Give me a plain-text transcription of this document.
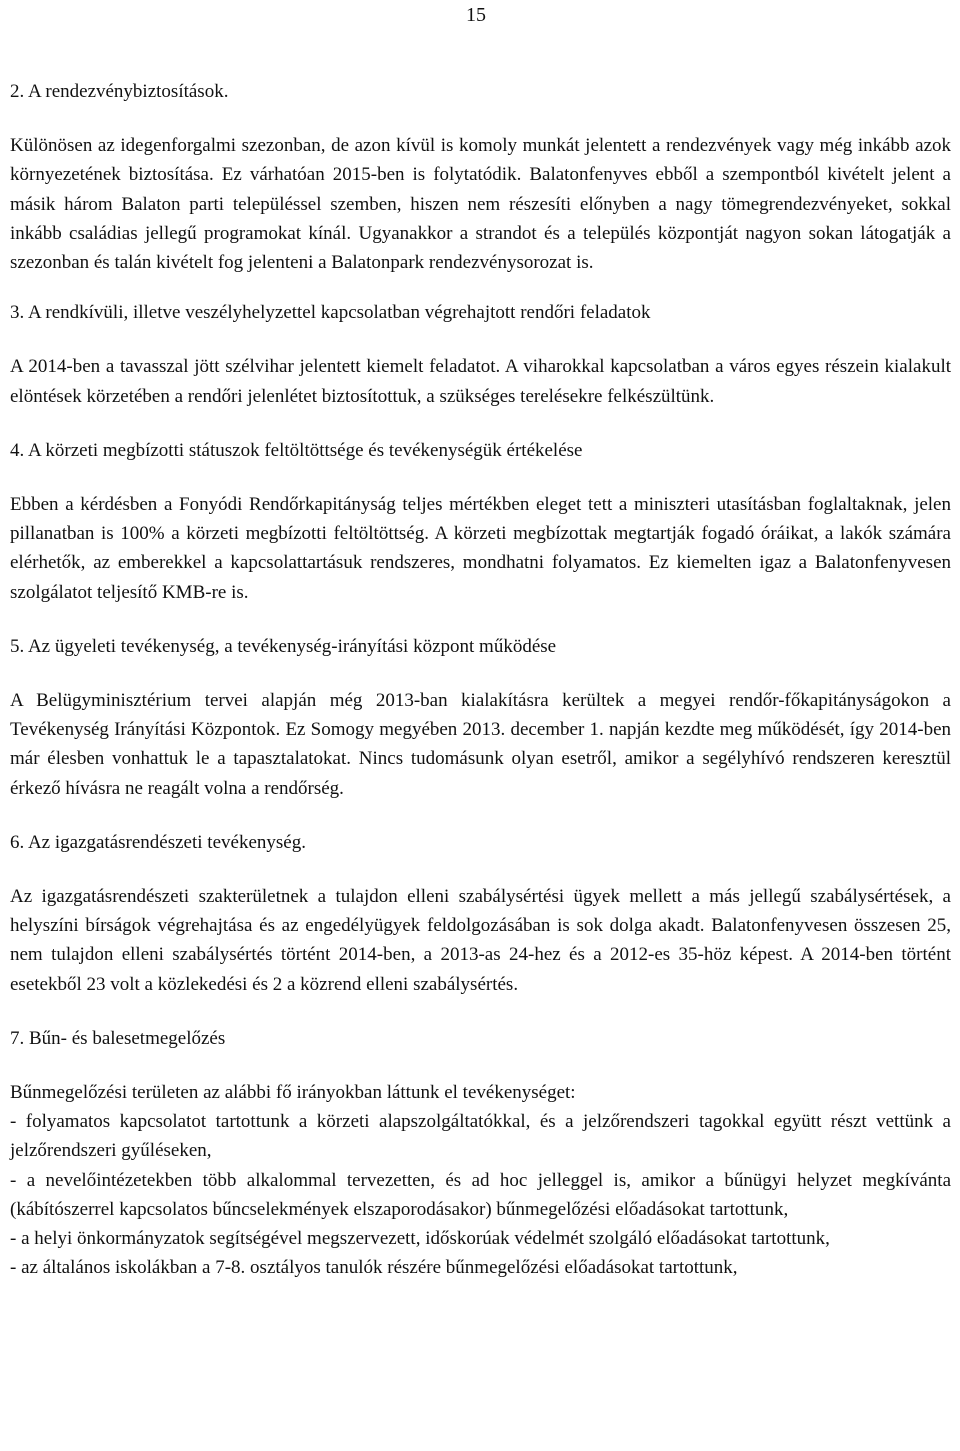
15
2. A rendezvénybiztosítások.
Különösen az idegenforgalmi szezonban, de azon kívül is komoly munkát jelentett a rendezvények vagy még inkább azok környezetének biztosítása. Ez várhatóan 2015-ben is folytatódik. Balatonfenyves ebből a szempontból kivételt jelent a másik három Balaton parti településsel szemben, hiszen nem részesíti előnyben a nagy tömegrendezvényeket, sokkal inkább családias jellegű programokat kínál. Ugyanakkor a strandot és a település központját nagyon sokan látogatják a szezonban és talán kivételt fog jelenteni a Balatonpark rendezvénysorozat is.
3. A rendkívüli, illetve veszélyhelyzettel kapcsolatban végrehajtott rendőri feladatok
A 2014-ben a tavasszal jött szélvihar jelentett kiemelt feladatot. A viharokkal kapcsolatban a város egyes részein kialakult elöntések körzetében a rendőri jelenlétet biztosítottuk, a szükséges terelésekre felkészültünk.
4. A körzeti megbízotti státuszok feltöltöttsége és tevékenységük értékelése
Ebben a kérdésben a Fonyódi Rendőrkapitányság teljes mértékben eleget tett a miniszteri utasításban foglaltaknak, jelen pillanatban is 100% a körzeti megbízotti feltöltöttség. A körzeti megbízottak megtartják fogadó óráikat, a lakók számára elérhetők, az emberekkel a kapcsolattartásuk rendszeres, mondhatni folyamatos. Ez kiemelten igaz a Balatonfenyvesen szolgálatot teljesítő KMB-re is.
5. Az ügyeleti tevékenység, a tevékenység-irányítási központ működése
A Belügyminisztérium tervei alapján még 2013-ban kialakításra kerültek a megyei rendőr-főkapitányságokon a Tevékenység Irányítási Központok. Ez Somogy megyében 2013. december 1. napján kezdte meg működését, így 2014-ben már élesben vonhattuk le a tapasztalatokat. Nincs tudomásunk olyan esetről, amikor a segélyhívó rendszeren keresztül érkező hívásra ne reagált volna a rendőrség.
6. Az igazgatásrendészeti tevékenység.
Az igazgatásrendészeti szakterületnek a tulajdon elleni szabálysértési ügyek mellett a más jellegű szabálysértések, a helyszíni bírságok végrehajtása és az engedélyügyek feldolgozásában is sok dolga akadt. Balatonfenyvesen összesen 25, nem tulajdon elleni szabálysértés történt 2014-ben, a 2013-as 24-hez és a 2012-es 35-höz képest. A 2014-ben történt esetekből 23 volt a közlekedési és 2 a közrend elleni szabálysértés.
7. Bűn- és balesetmegelőzés
Bűnmegelőzési területen az alábbi fő irányokban láttunk el tevékenységet:
- folyamatos kapcsolatot tartottunk a körzeti alapszolgáltatókkal, és a jelzőrendszeri tagokkal együtt részt vettünk a jelzőrendszeri gyűléseken,
- a nevelőintézetekben több alkalommal tervezetten, és ad hoc jelleggel is, amikor a bűnügyi helyzet megkívánta (kábítószerrel kapcsolatos bűncselekmények elszaporodásakor) bűnmegelőzési előadásokat tartottunk,
- a helyi önkormányzatok segítségével megszervezett, időskorúak védelmét szolgáló előadásokat tartottunk,
- az általános iskolákban a 7-8. osztályos tanulók részére bűnmegelőzési előadásokat tartottunk,
